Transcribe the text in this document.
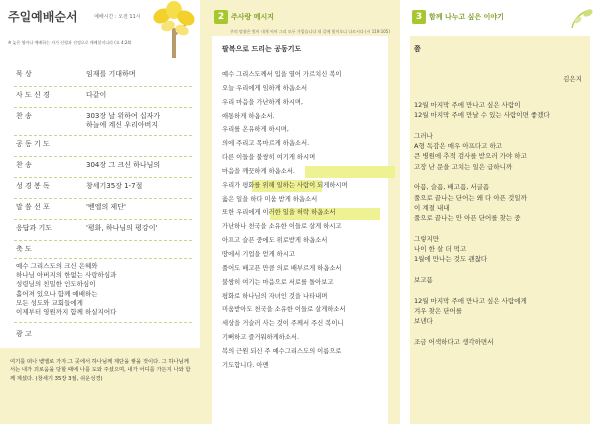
주일예배순서	예배시간 : 오전 11시
※ 늦은 영아나 예배하는 자가 신령과 진정으로 예배할지니라 (요 4:24)
묵 상	임재를 기대하며
사 도 신 경	다같이
찬 송	303장 날 위하여 십자가
하늘에 계신 우리아버지
공 동 기 도
찬 송	304장 그 크신 하나님의
성 경 봉 독	창세기35장 1-7절
말 씀 선 포	'벧엘의 제단'
응답과 기도	'평화, 하나님의 평강이'
축 도
예수 그리스도의 크신 은혜와
하나님 아버지의 한없는 사랑하심과
성령님의 친밀한 인도하심이
홀어져 있으나 함께 예배하는
모든 성도와 교회들에게
이제부터 영원까지 함께 하실지어다
광 고
여기를 떠나 벧엘로 가자.그 곳에서 하나님께 제단을 쌓을 것이다. 그 하나님께서는 내가 괴로움을 당할 때에 나를 도와 주셨으며, 내가 어디를 가든지 나와 함께 계셨다. (창세기 35장 3절, 쉬운성경)
2 주사랑 메시지
주의 말씀은 빛이 내게 어머 그리 모두 가깝습니다 내 길에 빛이오니 다르시다 (시 119:105)
팔복으로 드리는 공동기도
예수 그리스도께서 입을 열어 가르치신 복이
오늘 우리에게 임하게 하옵소서
우리 마음을 가난하게 하시며,
애통하게 하옵소서.
우리를 온유하게 하시며,
의에 주리고 목마르게 하옵소서.
다른 이들을 불쌍히 여기게 하시며
마음을 깨끗하게 하옵소서.
우리가 평화를 위해 일하는 사람이 되게하시며
옳은 일을 하다 미움 받게 하옵소서
또한 우리에게 이러한 일을 허락 하옵소서
가난하나 천국을 소유한 이들로 살게 하시고
아프고 슬픈 중에도 위로받게 하옵소서
땅에서 기업을 얻게 하시고
풀어도 배고픈 만큼 의로 배부르게 하옵소서
불쌍히 여기는 마음으로 서로를 돌아보고
평화로 하나님의 자녀인 것을 나타내며
미움받아도 천국을 소유한 이들로 살게하소서
세상을 거슬러 사는 것이 주께서 주신 복이니
기뻐하고 즐거워하게하소서.
복의 근원 되신 주 예수그리스도의 이름으로
기도합니다. 아멘
3 함께 나누고 싶은 이야기
쯤
김은지
12월 마지막 주에 만나고 싶은 사람이
12월 마지막 주에 만날 수 있는 사람이면 좋겠다

그러나
A형 독감은 매우 아프다고 하고
큰 병원에 추적 검사를 받으러 가야 하고
고장 난 문을 고치는 일은 급하니까

아픔, 슬픔, 배고픔, 서글픔
풀으로 끝나는 단어는 왜 다 아픈 것일까
이 계절 내내
풀으로 끝나는 안 아픈 단어를 찾는 중

그렇지만
나이 한 살 더 먹고
1월에 만나는 것도 괜찮다

보고픔

12월 마지막 주에 만나고 싶은 사람에게
겨우 찾은 단어를
보낸다

조금 어색하다고 생각하면서
